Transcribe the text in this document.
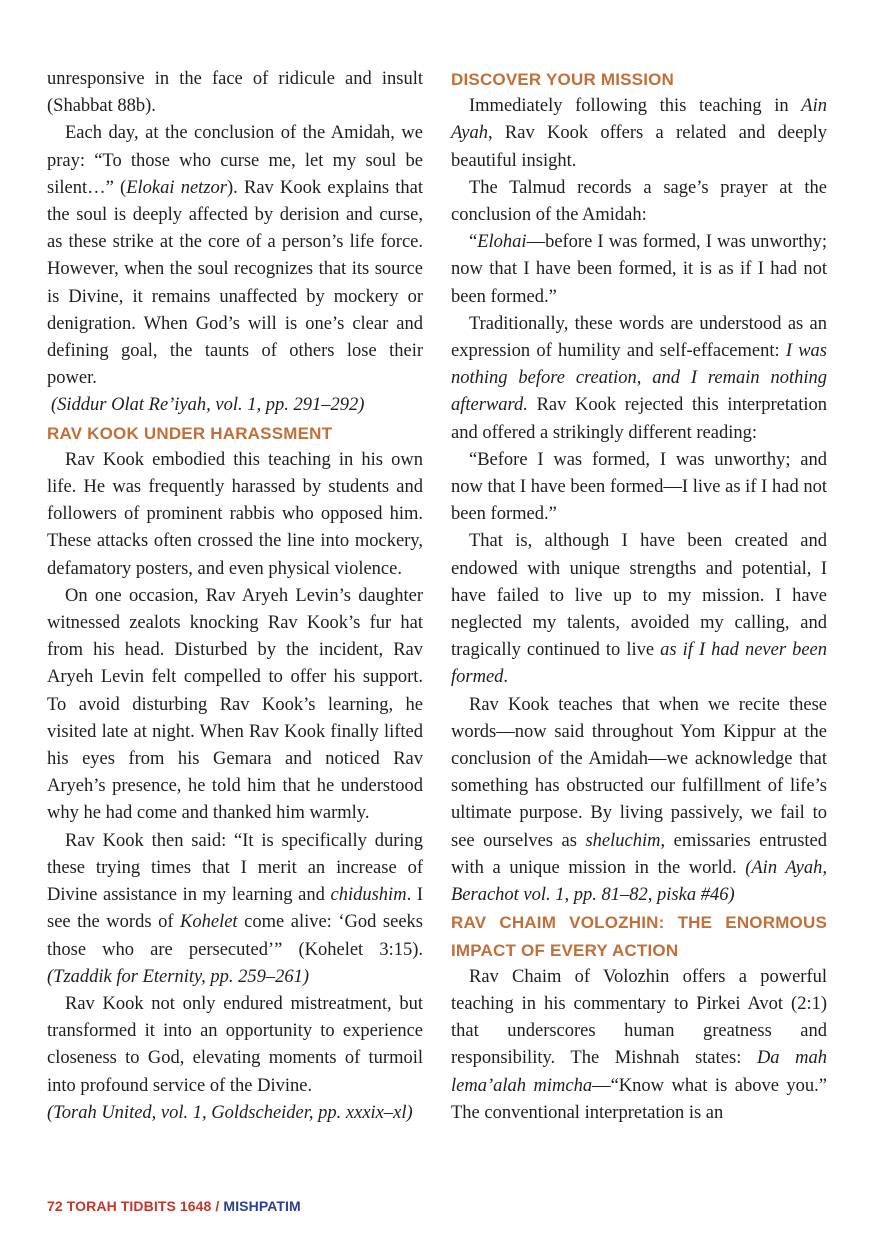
unresponsive in the face of ridicule and insult (Shabbat 88b).

Each day, at the conclusion of the Amidah, we pray: “To those who curse me, let my soul be silent…” (Elokai netzor). Rav Kook explains that the soul is deeply affected by derision and curse, as these strike at the core of a person’s life force. However, when the soul recognizes that its source is Divine, it remains unaffected by mockery or denigration. When God’s will is one’s clear and defining goal, the taunts of others lose their power.

(Siddur Olat Re’iyah, vol. 1, pp. 291–292)

RAV KOOK UNDER HARASSMENT

Rav Kook embodied this teaching in his own life. He was frequently harassed by students and followers of prominent rabbis who opposed him. These attacks often crossed the line into mockery, defamatory posters, and even physical violence.

On one occasion, Rav Aryeh Levin’s daughter witnessed zealots knocking Rav Kook’s fur hat from his head. Disturbed by the incident, Rav Aryeh Levin felt compelled to offer his support. To avoid disturbing Rav Kook’s learning, he visited late at night. When Rav Kook finally lifted his eyes from his Gemara and noticed Rav Aryeh’s presence, he told him that he understood why he had come and thanked him warmly.

Rav Kook then said: “It is specifically during these trying times that I merit an increase of Divine assistance in my learning and chidushim. I see the words of Kohelet come alive: ‘God seeks those who are persecuted’” (Kohelet 3:15). (Tzaddik for Eternity, pp. 259–261)

Rav Kook not only endured mistreatment, but transformed it into an opportunity to experience closeness to God, elevating moments of turmoil into profound service of the Divine.

(Torah United, vol. 1, Goldscheider, pp. xxxix–xl)

DISCOVER YOUR MISSION

Immediately following this teaching in Ain Ayah, Rav Kook offers a related and deeply beautiful insight.

The Talmud records a sage’s prayer at the conclusion of the Amidah:

“Elohai—before I was formed, I was unworthy; now that I have been formed, it is as if I had not been formed.”

Traditionally, these words are understood as an expression of humility and self-effacement: I was nothing before creation, and I remain nothing afterward. Rav Kook rejected this interpretation and offered a strikingly different reading:

“Before I was formed, I was unworthy; and now that I have been formed—I live as if I had not been formed.”

That is, although I have been created and endowed with unique strengths and potential, I have failed to live up to my mission. I have neglected my talents, avoided my calling, and tragically continued to live as if I had never been formed.

Rav Kook teaches that when we recite these words—now said throughout Yom Kippur at the conclusion of the Amidah—we acknowledge that something has obstructed our fulfillment of life’s ultimate purpose. By living passively, we fail to see ourselves as sheluchim, emissaries entrusted with a unique mission in the world. (Ain Ayah, Berachot vol. 1, pp. 81–82, piska #46)

RAV CHAIM VOLOZHIN: THE ENORMOUS IMPACT OF EVERY ACTION

Rav Chaim of Volozhin offers a powerful teaching in his commentary to Pirkei Avot (2:1) that underscores human greatness and responsibility. The Mishnah states: Da mah lema’alah mimcha—“Know what is above you.” The conventional interpretation is an

72 TORAH TIDBITS 1648 / MISHPATIM
